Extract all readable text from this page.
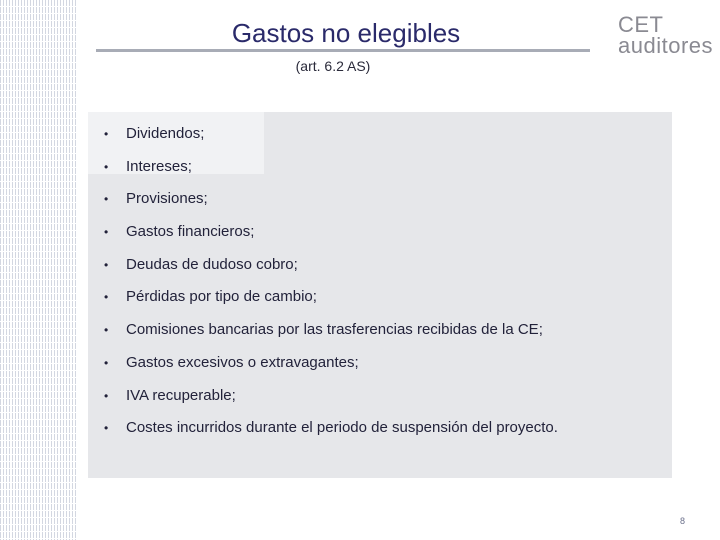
Gastos no elegibles
(art. 6.2 AS)
CET
auditores
• Dividendos;
• Intereses;
• Provisiones;
• Gastos financieros;
• Deudas de dudoso cobro;
• Pérdidas por tipo de cambio;
• Comisiones bancarias por las trasferencias recibidas de la CE;
• Gastos excesivos o extravagantes;
• IVA recuperable;
• Costes incurridos durante el periodo de suspensión del proyecto.
8
